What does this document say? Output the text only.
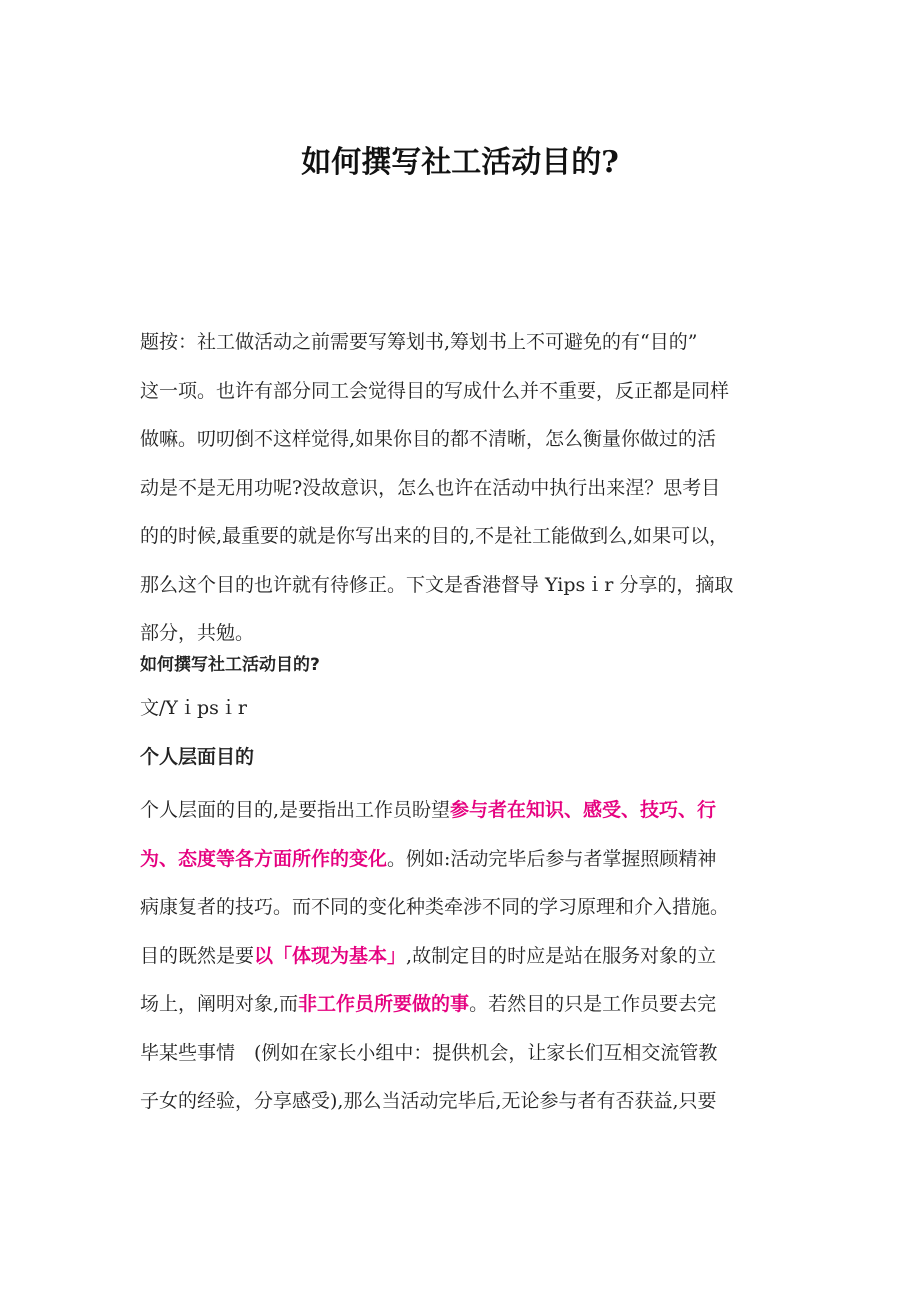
如何撰写社工活动目的?
题按：社工做活动之前需要写筹划书,筹划书上不可避免的有“目的”
这一项。也许有部分同工会觉得目的写成什么并不重要，反正都是同样
做嘛。叨叨倒不这样觉得,如果你目的都不清晰，怎么衡量你做过的活
动是不是无用功呢?没故意识，怎么也许在活动中执行出来涅？思考目
的的时候,最重要的就是你写出来的目的,不是社工能做到么,如果可以，
那么这个目的也许就有待修正。下文是香港督导 Yipsｉr 分享的，摘取
部分，共勉。
如何撰写社工活动目的?
文/Yｉpsｉr
个人层面目的
个人层面的目的,是要指出工作员盼望参与者在知识、感受、技巧、行
为、态度等各方面所作的变化。例如:活动完毕后参与者掌握照顾精神
病康复者的技巧。而不同的变化种类牵涉不同的学习原理和介入措施。
目的既然是要以「体现为基本」,故制定目的时应是站在服务对象的立
场上，阐明对象,而非工作员所要做的事。若然目的只是工作员要去完
毕某些事情　(例如在家长小组中：提供机会，让家长们互相交流管教
子女的经验，分享感受),那么当活动完毕后,无论参与者有否获益,只要
